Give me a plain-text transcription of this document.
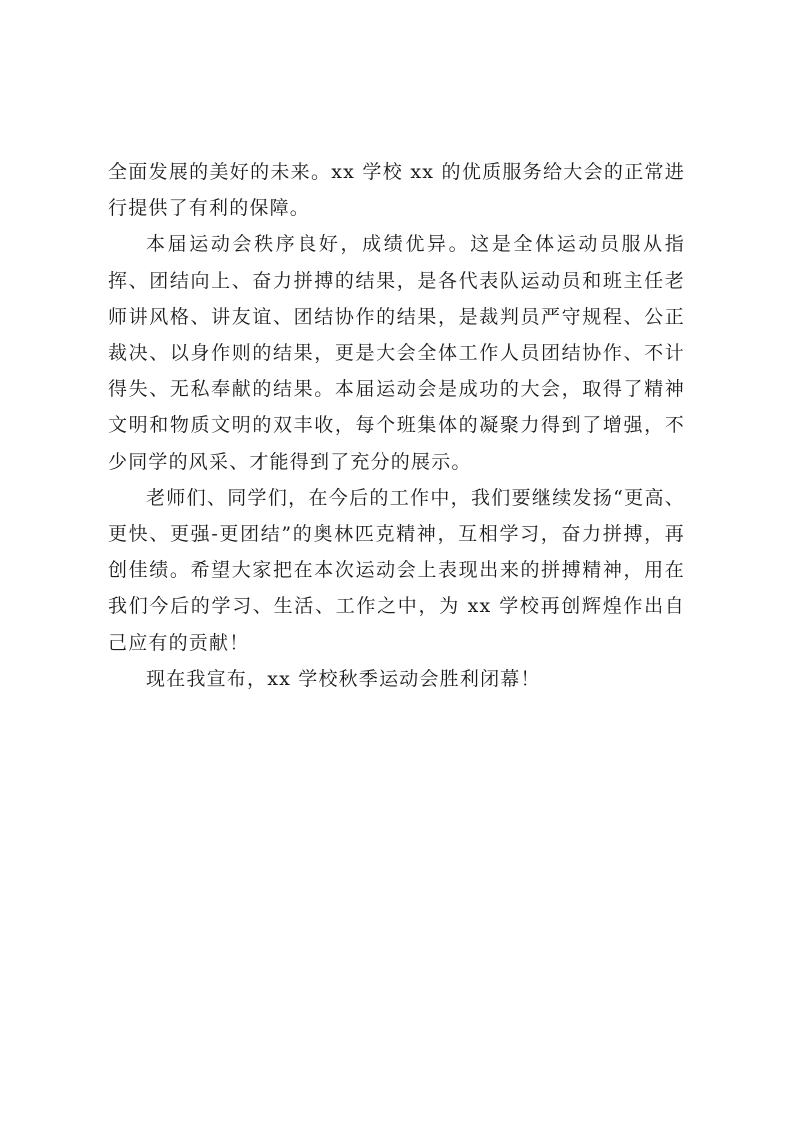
全面发展的美好的未来。xx 学校 xx 的优质服务给大会的正常进行提供了有利的保障。

本届运动会秩序良好，成绩优异。这是全体运动员服从指挥、团结向上、奋力拼搏的结果，是各代表队运动员和班主任老师讲风格、讲友谊、团结协作的结果，是裁判员严守规程、公正裁决、以身作则的结果，更是大会全体工作人员团结协作、不计得失、无私奉献的结果。本届运动会是成功的大会，取得了精神文明和物质文明的双丰收，每个班集体的凝聚力得到了增强，不少同学的风采、才能得到了充分的展示。

老师们、同学们，在今后的工作中，我们要继续发扬“更高、更快、更强-更团结”的奥林匹克精神，互相学习，奋力拼搏，再创佳绩。希望大家把在本次运动会上表现出来的拼搏精神，用在我们今后的学习、生活、工作之中，为 xx 学校再创辉煌作出自己应有的贡献！

现在我宣布，xx 学校秋季运动会胜利闭幕！
